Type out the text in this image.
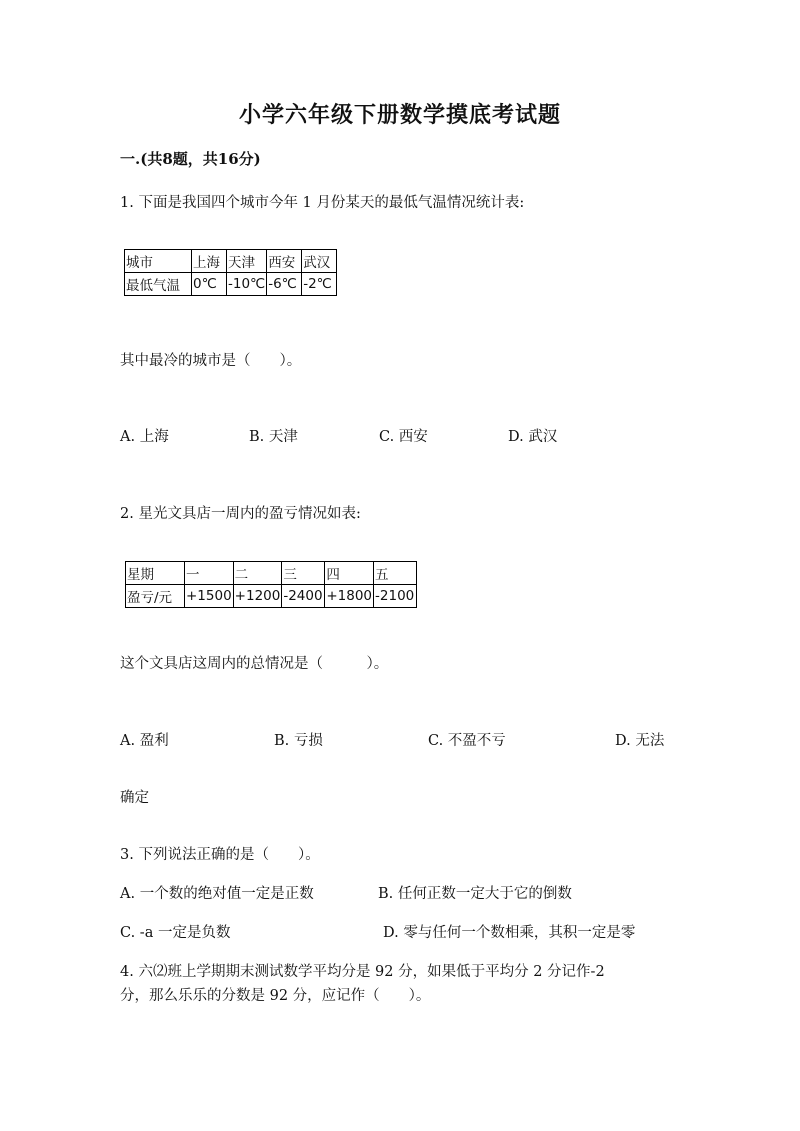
小学六年级下册数学摸底考试题
一.(共8题，共16分)
1. 下面是我国四个城市今年 1 月份某天的最低气温情况统计表:
城市	上海	天津	西安	武汉
最低气温	0℃	-10℃	-6℃	-2℃
其中最冷的城市是（　　）。
A. 上海	B. 天津	C. 西安	D. 武汉
2. 星光文具店一周内的盈亏情况如表:
星期	一	二	三	四	五
盈亏/元	+1500	+1200	-2400	+1800	-2100
这个文具店这周内的总情况是（　　　）。
A. 盈利	B. 亏损	C. 不盈不亏	D. 无法
确定
3. 下列说法正确的是（　　）。
A. 一个数的绝对值一定是正数	B. 任何正数一定大于它的倒数
C. -a 一定是负数	D. 零与任何一个数相乘，其积一定是零
4. 六⑵班上学期期末测试数学平均分是 92 分，如果低于平均分 2 分记作-2
分，那么乐乐的分数是 92 分，应记作（　　）。
